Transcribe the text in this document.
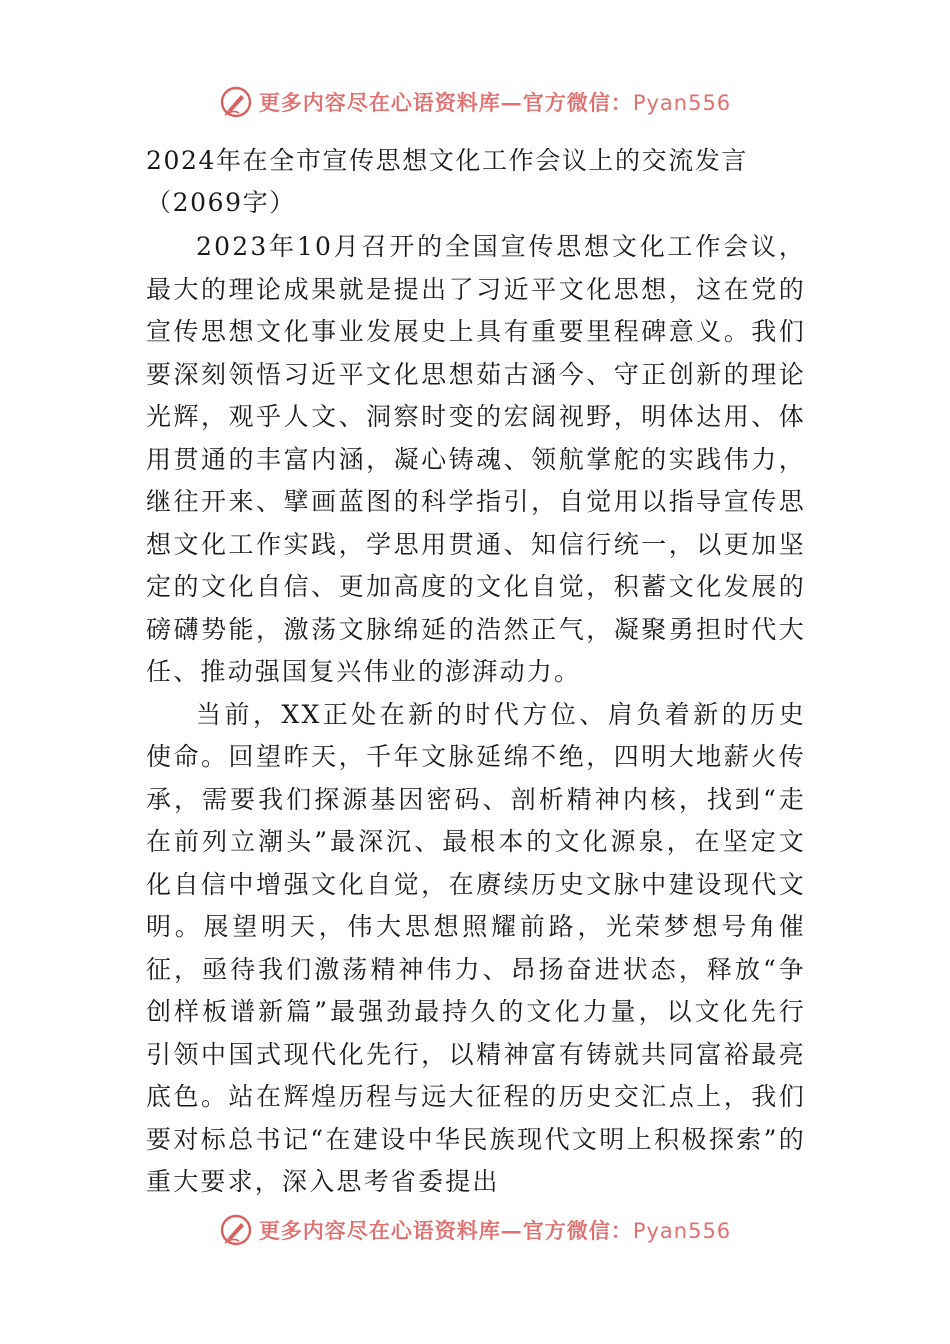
更多内容尽在心语资料库—官方微信：Pyan556
2024年在全市宣传思想文化工作会议上的交流发言（2069字）

2023年10月召开的全国宣传思想文化工作会议，最大的理论成果就是提出了习近平文化思想，这在党的宣传思想文化事业发展史上具有重要里程碑意义。我们要深刻领悟习近平文化思想茹古涵今、守正创新的理论光辉，观乎人文、洞察时变的宏阔视野，明体达用、体用贯通的丰富内涵，凝心铸魂、领航掌舵的实践伟力，继往开来、擘画蓝图的科学指引，自觉用以指导宣传思想文化工作实践，学思用贯通、知信行统一，以更加坚定的文化自信、更加高度的文化自觉，积蓄文化发展的磅礴势能，激荡文脉绵延的浩然正气，凝聚勇担时代大任、推动强国复兴伟业的澎湃动力。

当前，XX正处在新的时代方位、肩负着新的历史使命。回望昨天，千年文脉延绵不绝，四明大地薪火传承，需要我们探源基因密码、剖析精神内核，找到“走在前列立潮头”最深沉、最根本的文化源泉，在坚定文化自信中增强文化自觉，在赓续历史文脉中建设现代文明。展望明天，伟大思想照耀前路，光荣梦想号角催征，亟待我们激荡精神伟力、昂扬奋进状态，释放“争创样板谱新篇”最强劲最持久的文化力量，以文化先行引领中国式现代化先行，以精神富有铸就共同富裕最亮底色。站在辉煌历程与远大征程的历史交汇点上，我们要对标总书记“在建设中华民族现代文明上积极探索”的重大要求，深入思考省委提出

更多内容尽在心语资料库—官方微信：Pyan556
